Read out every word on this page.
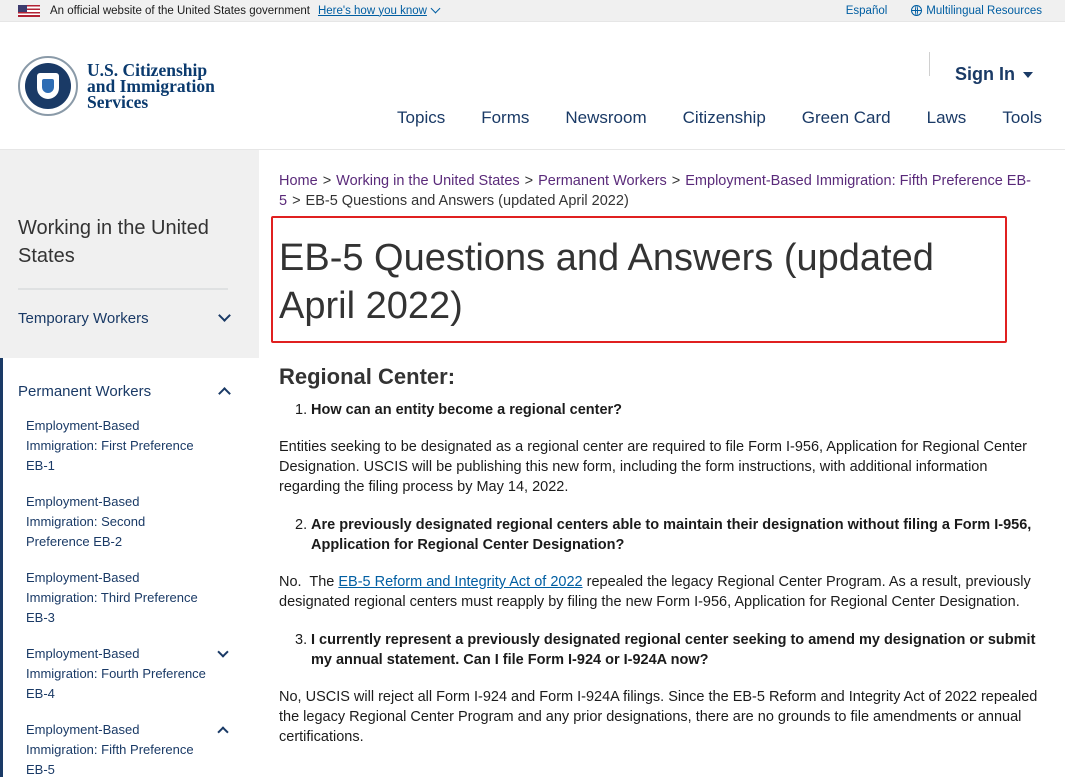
An official website of the United States government Here's how you know	Español	Multilingual Resources
U.S. Citizenship
and Immigration
Services
Sign In
Topics Forms Newsroom Citizenship Green Card Laws Tools
Working in the United States
Temporary Workers
Permanent Workers
Employment-Based Immigration: First Preference EB-1
Employment-Based Immigration: Second Preference EB-2
Employment-Based Immigration: Third Preference EB-3
Employment-Based Immigration: Fourth Preference EB-4
Employment-Based Immigration: Fifth Preference EB-5
Home > Working in the United States > Permanent Workers > Employment-Based Immigration: Fifth Preference EB-5 > EB-5 Questions and Answers (updated April 2022)
EB-5 Questions and Answers (updated April 2022)
Regional Center:
1. How can an entity become a regional center?

Entities seeking to be designated as a regional center are required to file Form I-956, Application for Regional Center Designation. USCIS will be publishing this new form, including the form instructions, with additional information regarding the filing process by May 14, 2022.

2. Are previously designated regional centers able to maintain their designation without filing a Form I-956, Application for Regional Center Designation?

No.  The EB-5 Reform and Integrity Act of 2022 repealed the legacy Regional Center Program. As a result, previously designated regional centers must reapply by filing the new Form I-956, Application for Regional Center Designation.

3. I currently represent a previously designated regional center seeking to amend my designation or submit my annual statement. Can I file Form I-924 or I-924A now?

No, USCIS will reject all Form I-924 and Form I-924A filings. Since the EB-5 Reform and Integrity Act of 2022 repealed the legacy Regional Center Program and any prior designations, there are no grounds to file amendments or annual certifications.
